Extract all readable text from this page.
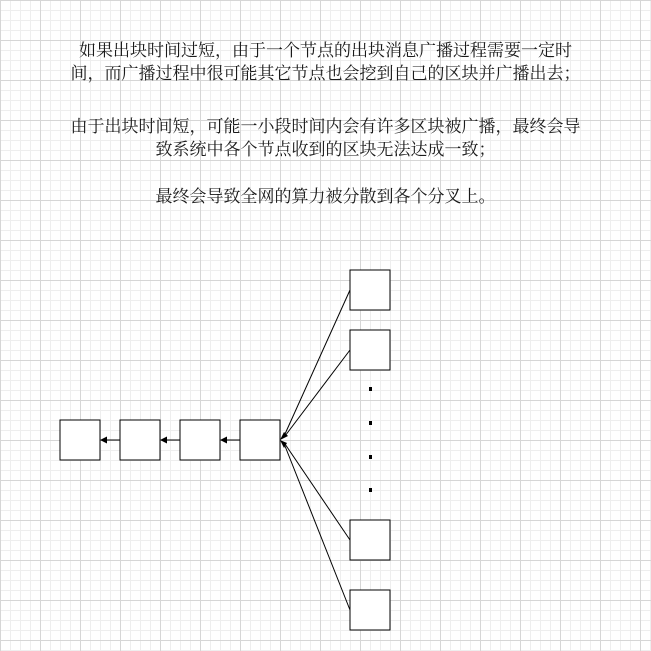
如果出块时间过短，由于一个节点的出块消息广播过程需要一定时
间，而广播过程中很可能其它节点也会挖到自己的区块并广播出去；
由于出块时间短，可能一小段时间内会有许多区块被广播，最终会导
致系统中各个节点收到的区块无法达成一致；
最终会导致全网的算力被分散到各个分叉上。
